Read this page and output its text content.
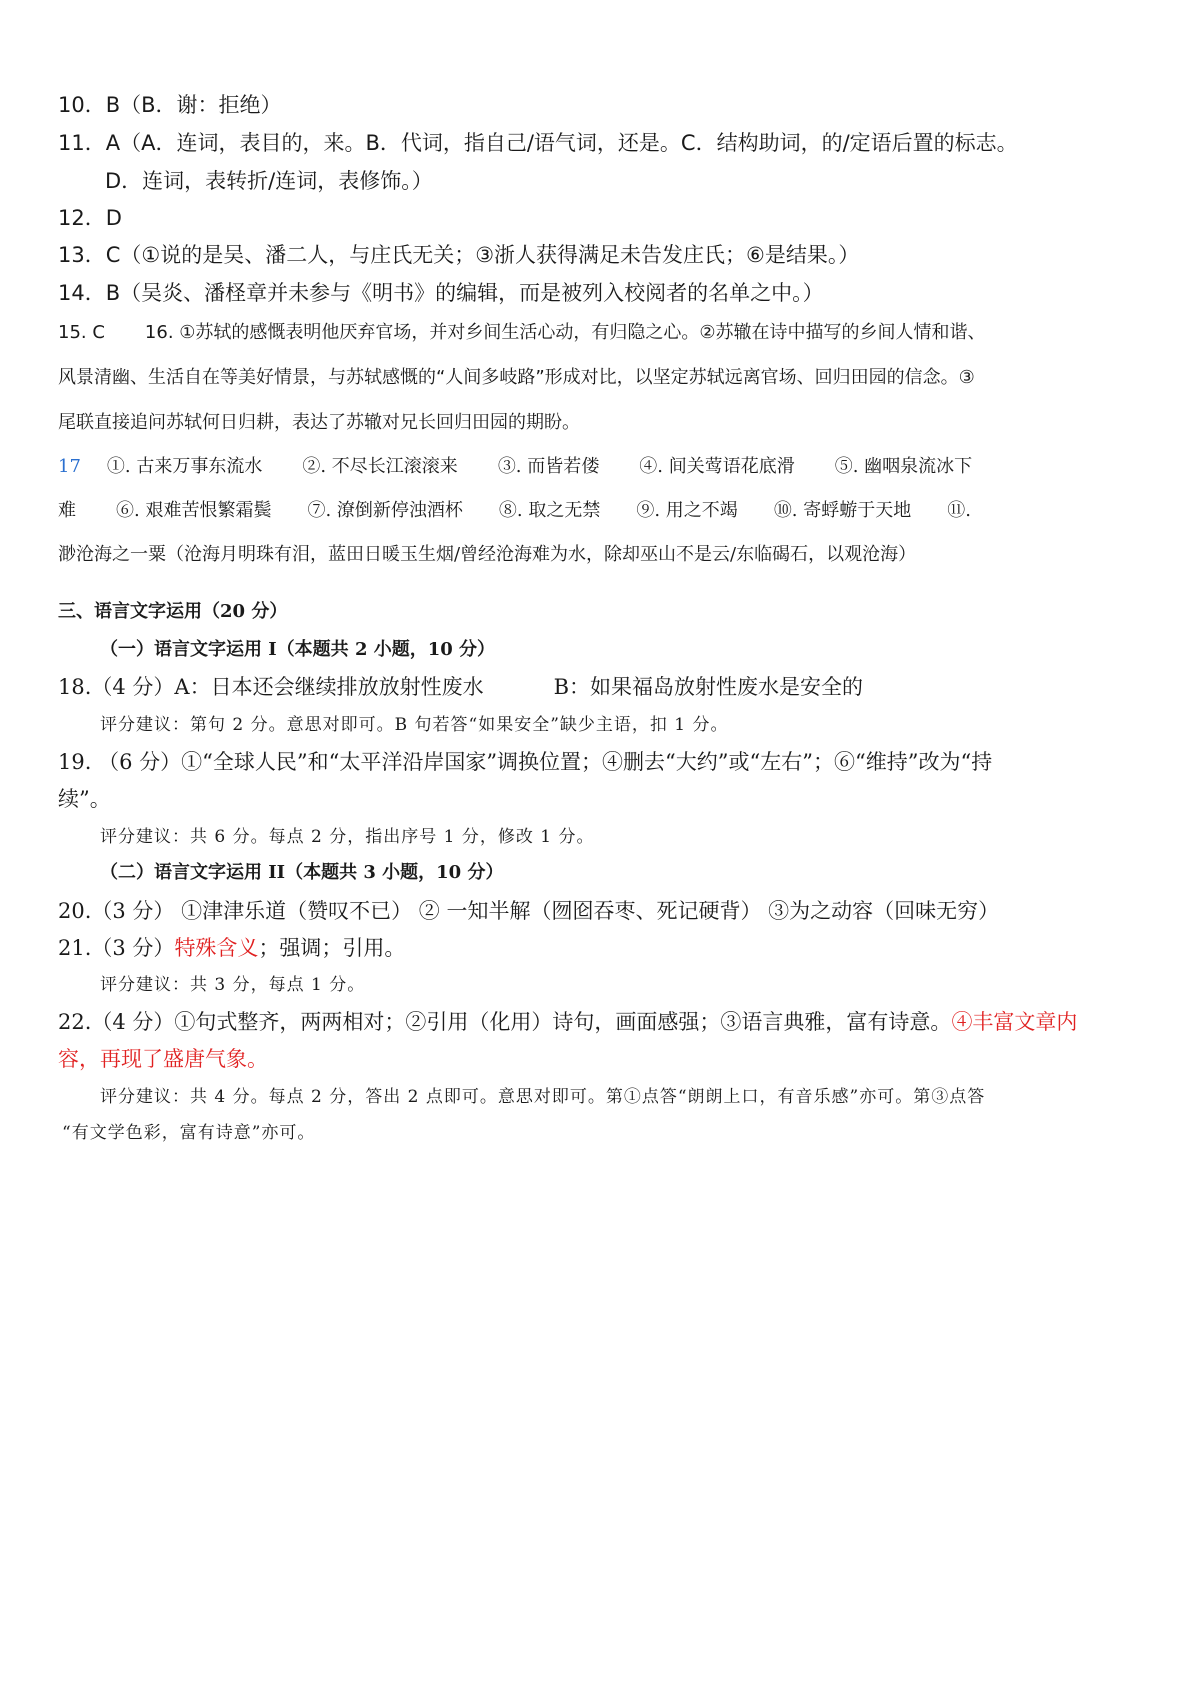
10．B（B．谢：拒绝）
11．A（A．连词，表目的，来。B．代词，指自己/语气词，还是。C．结构助词，的/定语后置的标志。
D．连词，表转折/连词，表修饰。）
12．D
13．C（①说的是吴、潘二人，与庄氏无关；③浙人获得满足未告发庄氏；⑥是结果。）
14．B（吴炎、潘柽章并未参与《明书》的编辑，而是被列入校阅者的名单之中。）
15. C 16. ①苏轼的感慨表明他厌弃官场，并对乡间生活心动，有归隐之心。②苏辙在诗中描写的乡间人情和谐、
风景清幽、生活自在等美好情景，与苏轼感慨的“人间多岐路”形成对比，以坚定苏轼远离官场、回归田园的信念。③
尾联直接追问苏轼何日归耕，表达了苏辙对兄长回归田园的期盼。
17 ①. 古来万事东流水 ②. 不尽长江滚滚来 ③. 而皆若偻 ④. 间关莺语花底滑 ⑤. 幽咽泉流冰下
难 ⑥. 艰难苦恨繁霜鬓 ⑦. 潦倒新停浊酒杯 ⑧. 取之无禁 ⑨. 用之不竭 ⑩. 寄蜉蝣于天地 ⑪.
渺沧海之一粟（沧海月明珠有泪，蓝田日暖玉生烟/曾经沧海难为水，除却巫山不是云/东临碣石，以观沧海）
三、语言文字运用（20 分）
（一）语言文字运用 I（本题共 2 小题，10 分）
18.（4 分）A：日本还会继续排放放射性废水	B：如果福岛放射性废水是安全的
评分建议：第句 2 分。意思对即可。B 句若答“如果安全”缺少主语，扣 1 分。
19. （6 分）①“全球人民”和“太平洋沿岸国家”调换位置；④删去“大约”或“左右”；⑥“维持”改为“持
续”。
评分建议：共 6 分。每点 2 分，指出序号 1 分，修改 1 分。
（二）语言文字运用 II（本题共 3 小题，10 分）
20.（3 分） ①津津乐道（赞叹不已） ② 一知半解（囫囵吞枣、死记硬背） ③为之动容（回味无穷）
21.（3 分）特殊含义；强调；引用。
评分建议：共 3 分，每点 1 分。
22.（4 分）①句式整齐，两两相对；②引用（化用）诗句，画面感强；③语言典雅，富有诗意。④丰富文章内
容，再现了盛唐气象。
评分建议：共 4 分。每点 2 分，答出 2 点即可。意思对即可。第①点答“朗朗上口，有音乐感”亦可。第③点答
“有文学色彩，富有诗意”亦可。
